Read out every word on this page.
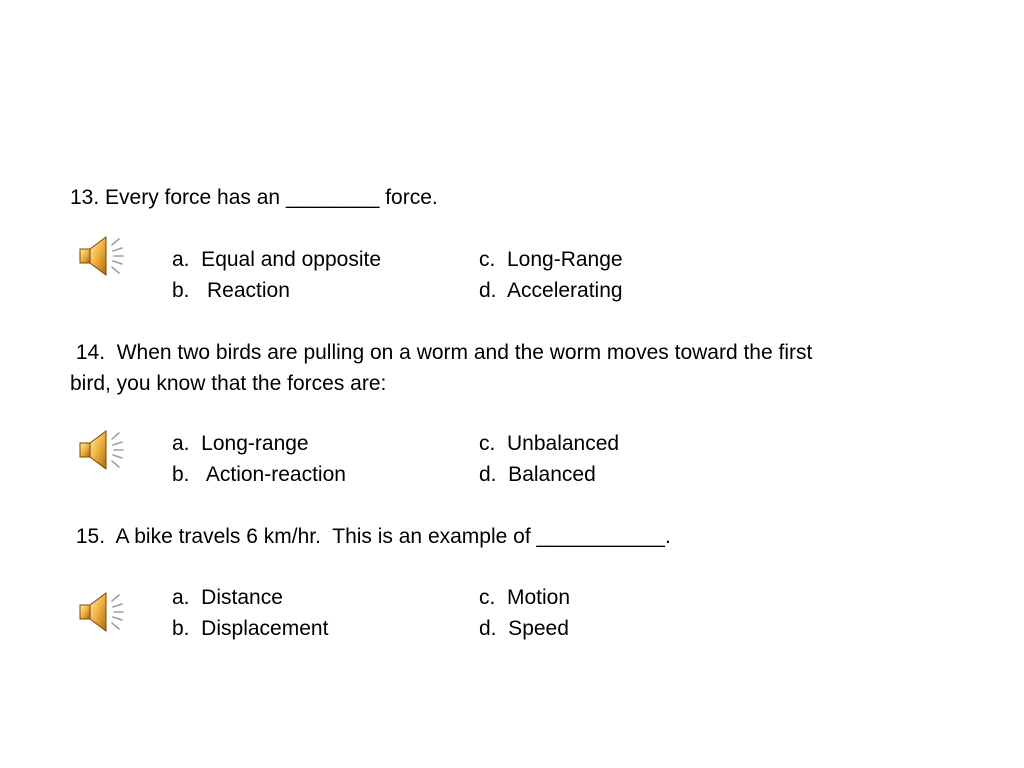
13. Every force has an ________ force.
a.  Equal and opposite	c.  Long-Range
b.   Reaction	d.  Accelerating
14.  When two birds are pulling on a worm and the worm moves toward the first
bird, you know that the forces are:
a.  Long-range	c.  Unbalanced
b.   Action-reaction	d.  Balanced
15.  A bike travels 6 km/hr.  This is an example of ___________.
a.  Distance	c.  Motion
b.  Displacement	d.  Speed
